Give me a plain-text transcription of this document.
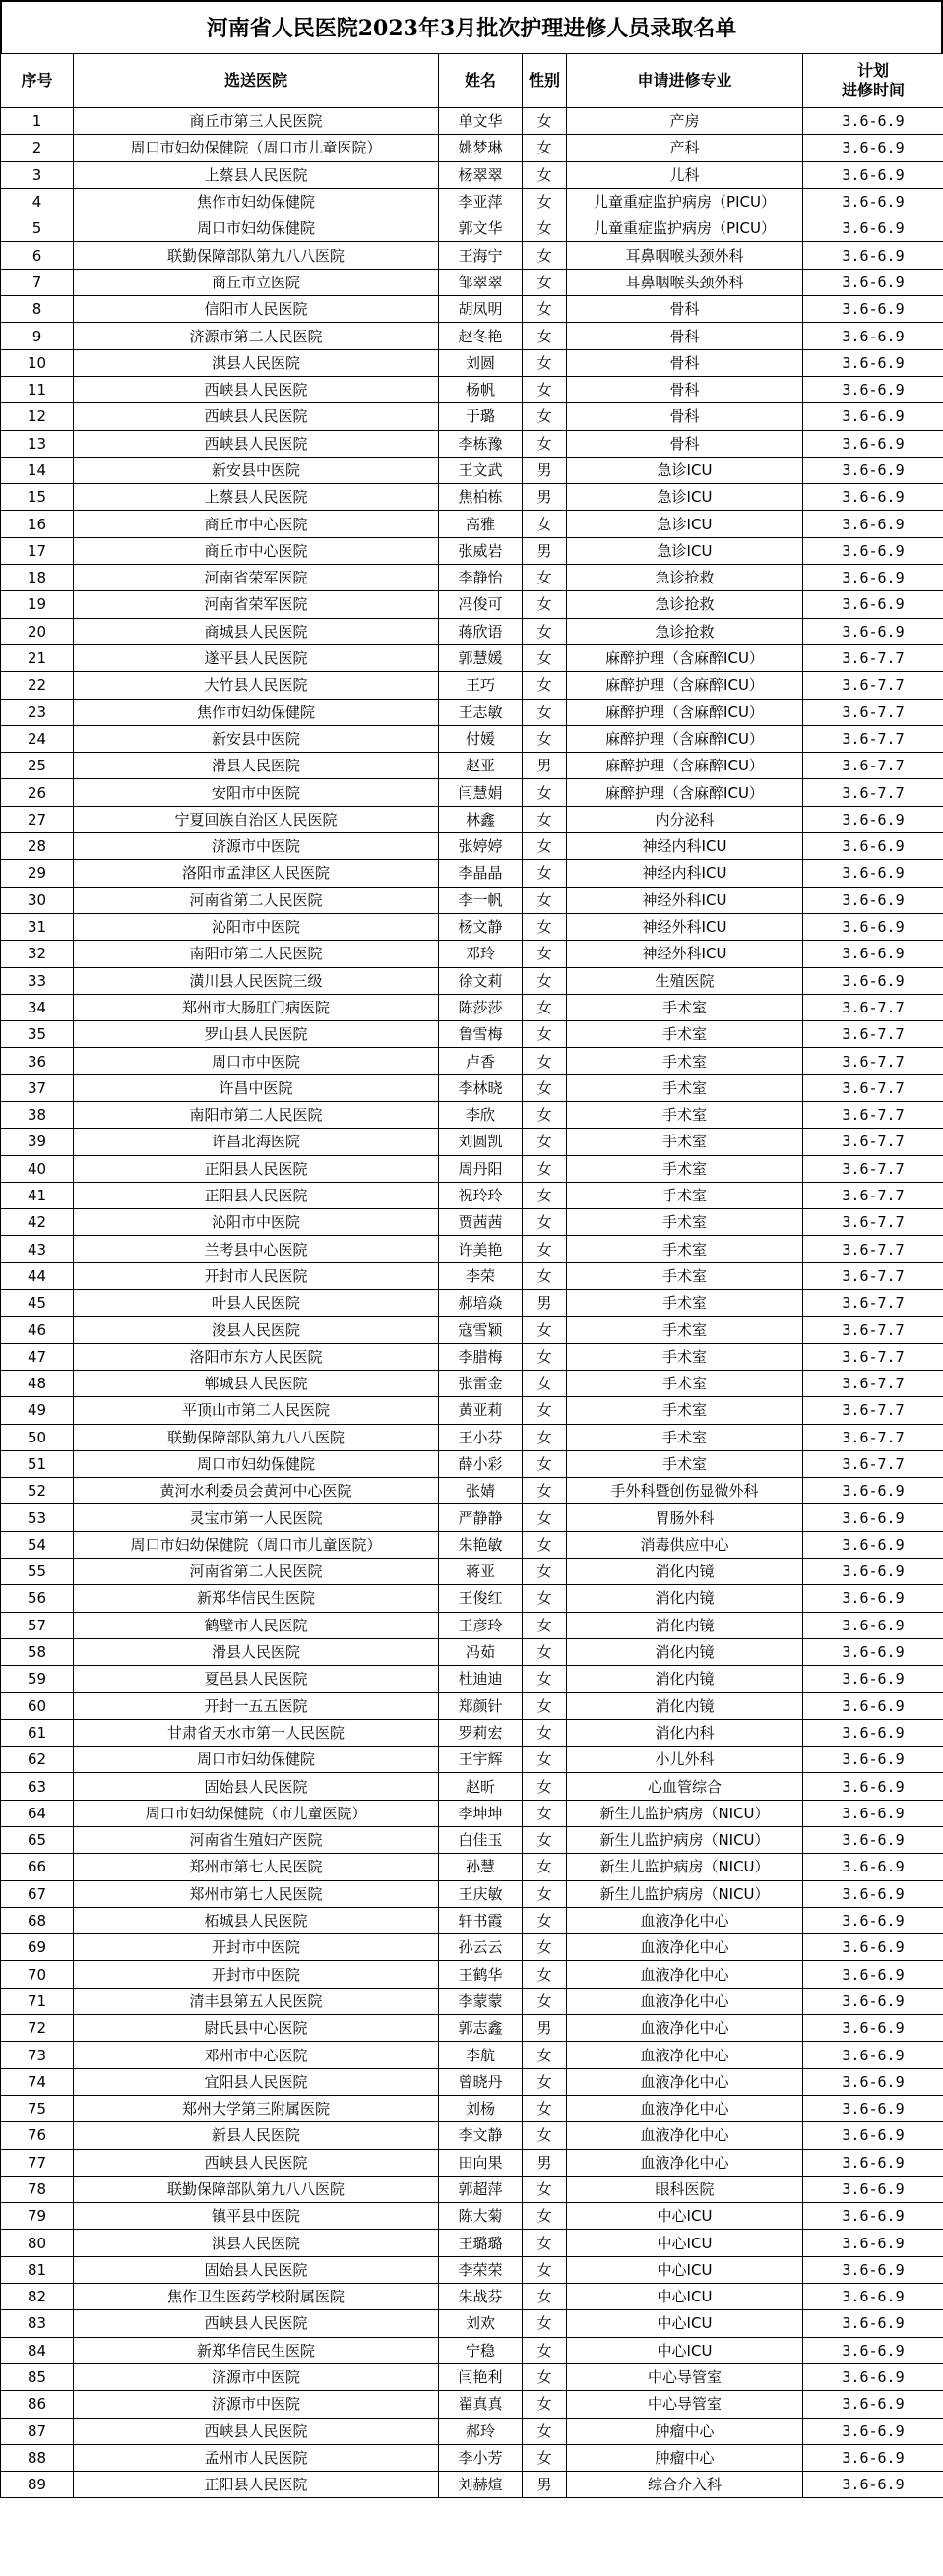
河南省人民医院2023年3月批次护理进修人员录取名单
序号	选送医院	姓名	性别	申请进修专业	计划
进修时间

1	商丘市第三人民医院	单文华	女	产房	3.6-6.9
2	周口市妇幼保健院（周口市儿童医院）	姚梦琳	女	产科	3.6-6.9
3	上蔡县人民医院	杨翠翠	女	儿科	3.6-6.9
4	焦作市妇幼保健院	李亚萍	女	儿童重症监护病房（PICU）	3.6-6.9
5	周口市妇幼保健院	郭文华	女	儿童重症监护病房（PICU）	3.6-6.9
6	联勤保障部队第九八八医院	王海宁	女	耳鼻咽喉头颈外科	3.6-6.9
7	商丘市立医院	邹翠翠	女	耳鼻咽喉头颈外科	3.6-6.9
8	信阳市人民医院	胡凤明	女	骨科	3.6-6.9
9	济源市第二人民医院	赵冬艳	女	骨科	3.6-6.9
10	淇县人民医院	刘圆	女	骨科	3.6-6.9
11	西峡县人民医院	杨帆	女	骨科	3.6-6.9
12	西峡县人民医院	于璐	女	骨科	3.6-6.9
13	西峡县人民医院	李栋豫	女	骨科	3.6-6.9
14	新安县中医院	王文武	男	急诊ICU	3.6-6.9
15	上蔡县人民医院	焦柏栋	男	急诊ICU	3.6-6.9
16	商丘市中心医院	高雅	女	急诊ICU	3.6-6.9
17	商丘市中心医院	张威岩	男	急诊ICU	3.6-6.9
18	河南省荣军医院	李静怡	女	急诊抢救	3.6-6.9
19	河南省荣军医院	冯俊可	女	急诊抢救	3.6-6.9
20	商城县人民医院	蒋欣语	女	急诊抢救	3.6-6.9
21	遂平县人民医院	郭慧媛	女	麻醉护理（含麻醉ICU）	3.6-7.7
22	大竹县人民医院	王巧	女	麻醉护理（含麻醉ICU）	3.6-7.7
23	焦作市妇幼保健院	王志敏	女	麻醉护理（含麻醉ICU）	3.6-7.7
24	新安县中医院	付媛	女	麻醉护理（含麻醉ICU）	3.6-7.7
25	滑县人民医院	赵亚	男	麻醉护理（含麻醉ICU）	3.6-7.7
26	安阳市中医院	闫慧娟	女	麻醉护理（含麻醉ICU）	3.6-7.7
27	宁夏回族自治区人民医院	林鑫	女	内分泌科	3.6-6.9
28	济源市中医院	张婷婷	女	神经内科ICU	3.6-6.9
29	洛阳市孟津区人民医院	李晶晶	女	神经内科ICU	3.6-6.9
30	河南省第二人民医院	李一帆	女	神经外科ICU	3.6-6.9
31	沁阳市中医院	杨文静	女	神经外科ICU	3.6-6.9
32	南阳市第二人民医院	邓玲	女	神经外科ICU	3.6-6.9
33	潢川县人民医院三级	徐文莉	女	生殖医院	3.6-6.9
34	郑州市大肠肛门病医院	陈莎莎	女	手术室	3.6-7.7
35	罗山县人民医院	鲁雪梅	女	手术室	3.6-7.7
36	周口市中医院	卢香	女	手术室	3.6-7.7
37	许昌中医院	李林晓	女	手术室	3.6-7.7
38	南阳市第二人民医院	李欣	女	手术室	3.6-7.7
39	许昌北海医院	刘圆凯	女	手术室	3.6-7.7
40	正阳县人民医院	周丹阳	女	手术室	3.6-7.7
41	正阳县人民医院	祝玲玲	女	手术室	3.6-7.7
42	沁阳市中医院	贾茜茜	女	手术室	3.6-7.7
43	兰考县中心医院	许美艳	女	手术室	3.6-7.7
44	开封市人民医院	李荣	女	手术室	3.6-7.7
45	叶县人民医院	郝培焱	男	手术室	3.6-7.7
46	浚县人民医院	寇雪颖	女	手术室	3.6-7.7
47	洛阳市东方人民医院	李腊梅	女	手术室	3.6-7.7
48	郸城县人民医院	张雷金	女	手术室	3.6-7.7
49	平顶山市第二人民医院	黄亚莉	女	手术室	3.6-7.7
50	联勤保障部队第九八八医院	王小芬	女	手术室	3.6-7.7
51	周口市妇幼保健院	薛小彩	女	手术室	3.6-7.7
52	黄河水利委员会黄河中心医院	张婧	女	手外科暨创伤显微外科	3.6-6.9
53	灵宝市第一人民医院	严静静	女	胃肠外科	3.6-6.9
54	周口市妇幼保健院（周口市儿童医院）	朱艳敏	女	消毒供应中心	3.6-6.9
55	河南省第二人民医院	蒋亚	女	消化内镜	3.6-6.9
56	新郑华信民生医院	王俊红	女	消化内镜	3.6-6.9
57	鹤壁市人民医院	王彦玲	女	消化内镜	3.6-6.9
58	滑县人民医院	冯茹	女	消化内镜	3.6-6.9
59	夏邑县人民医院	杜迪迪	女	消化内镜	3.6-6.9
60	开封一五五医院	郑颜针	女	消化内镜	3.6-6.9
61	甘肃省天水市第一人民医院	罗莉宏	女	消化内科	3.6-6.9
62	周口市妇幼保健院	王宇辉	女	小儿外科	3.6-6.9
63	固始县人民医院	赵昕	女	心血管综合	3.6-6.9
64	周口市妇幼保健院（市儿童医院）	李坤坤	女	新生儿监护病房（NICU）	3.6-6.9
65	河南省生殖妇产医院	白佳玉	女	新生儿监护病房（NICU）	3.6-6.9
66	郑州市第七人民医院	孙慧	女	新生儿监护病房（NICU）	3.6-6.9
67	郑州市第七人民医院	王庆敏	女	新生儿监护病房（NICU）	3.6-6.9
68	柘城县人民医院	轩书霞	女	血液净化中心	3.6-6.9
69	开封市中医院	孙云云	女	血液净化中心	3.6-6.9
70	开封市中医院	王鹤华	女	血液净化中心	3.6-6.9
71	清丰县第五人民医院	李蒙蒙	女	血液净化中心	3.6-6.9
72	尉氏县中心医院	郭志鑫	男	血液净化中心	3.6-6.9
73	邓州市中心医院	李航	女	血液净化中心	3.6-6.9
74	宜阳县人民医院	曾晓丹	女	血液净化中心	3.6-6.9
75	郑州大学第三附属医院	刘杨	女	血液净化中心	3.6-6.9
76	新县人民医院	李文静	女	血液净化中心	3.6-6.9
77	西峡县人民医院	田向果	男	血液净化中心	3.6-6.9
78	联勤保障部队第九八八医院	郭超萍	女	眼科医院	3.6-6.9
79	镇平县中医院	陈大菊	女	中心ICU	3.6-6.9
80	淇县人民医院	王璐璐	女	中心ICU	3.6-6.9
81	固始县人民医院	李荣荣	女	中心ICU	3.6-6.9
82	焦作卫生医药学校附属医院	朱战芬	女	中心ICU	3.6-6.9
83	西峡县人民医院	刘欢	女	中心ICU	3.6-6.9
84	新郑华信民生医院	宁稳	女	中心ICU	3.6-6.9
85	济源市中医院	闫艳利	女	中心导管室	3.6-6.9
86	济源市中医院	翟真真	女	中心导管室	3.6-6.9
87	西峡县人民医院	郝玲	女	肿瘤中心	3.6-6.9
88	孟州市人民医院	李小芳	女	肿瘤中心	3.6-6.9
89	正阳县人民医院	刘赫煊	男	综合介入科	3.6-6.9
